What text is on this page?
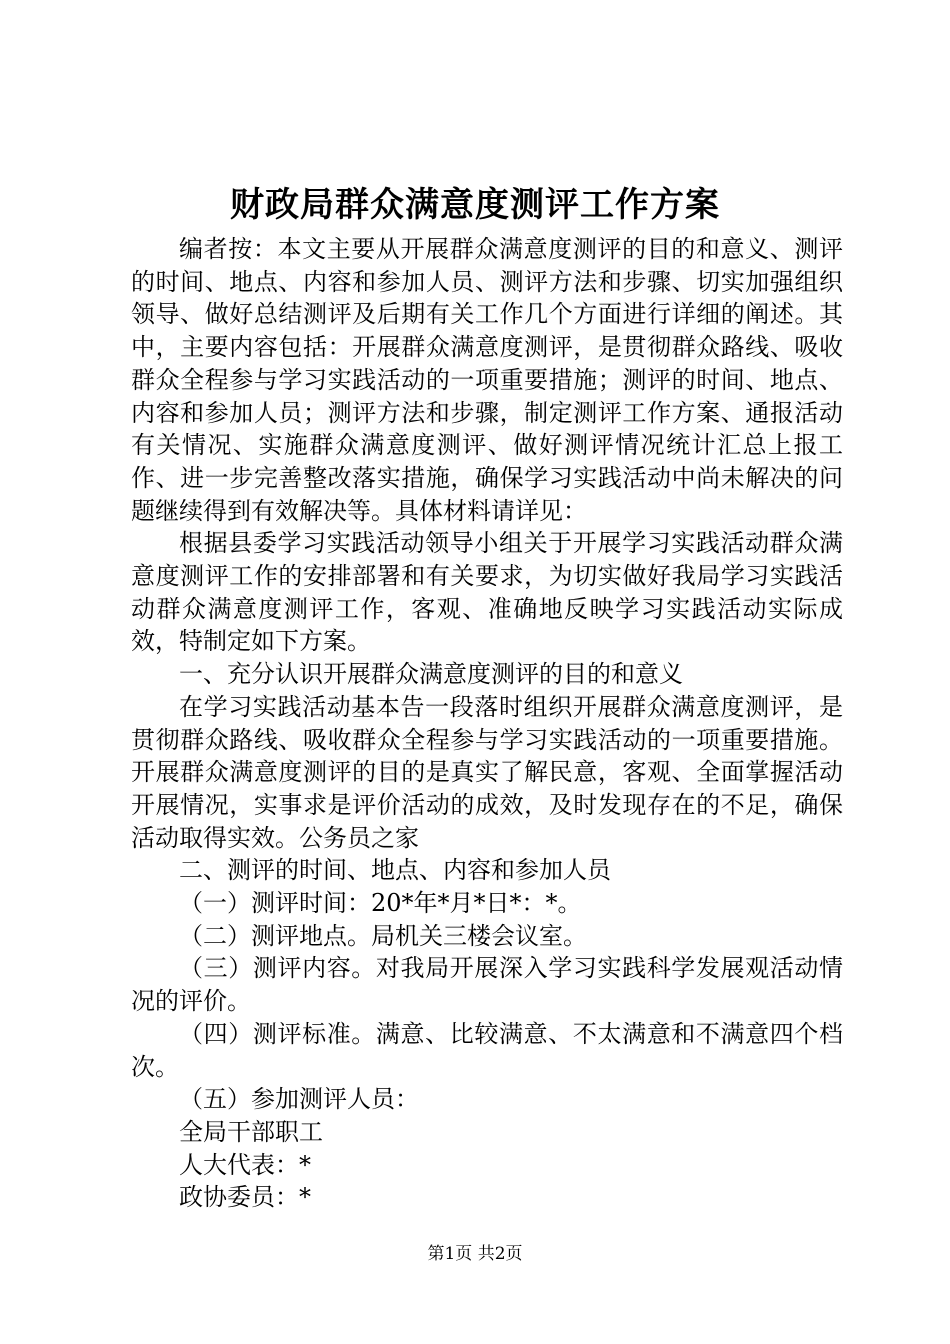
财政局群众满意度测评工作方案

编者按：本文主要从开展群众满意度测评的目的和意义、测评的时间、地点、内容和参加人员、测评方法和步骤、切实加强组织领导、做好总结测评及后期有关工作几个方面进行详细的阐述。其中，主要内容包括：开展群众满意度测评，是贯彻群众路线、吸收群众全程参与学习实践活动的一项重要措施；测评的时间、地点、内容和参加人员；测评方法和步骤，制定测评工作方案、通报活动有关情况、实施群众满意度测评、做好测评情况统计汇总上报工作、进一步完善整改落实措施，确保学习实践活动中尚未解决的问题继续得到有效解决等。具体材料请详见：

根据县委学习实践活动领导小组关于开展学习实践活动群众满意度测评工作的安排部署和有关要求，为切实做好我局学习实践活动群众满意度测评工作，客观、准确地反映学习实践活动实际成效，特制定如下方案。

一、充分认识开展群众满意度测评的目的和意义

在学习实践活动基本告一段落时组织开展群众满意度测评，是贯彻群众路线、吸收群众全程参与学习实践活动的一项重要措施。开展群众满意度测评的目的是真实了解民意，客观、全面掌握活动开展情况，实事求是评价活动的成效，及时发现存在的不足，确保活动取得实效。公务员之家

二、测评的时间、地点、内容和参加人员

（一）测评时间：20*年*月*日*：*。

（二）测评地点。局机关三楼会议室。

（三）测评内容。对我局开展深入学习实践科学发展观活动情况的评价。

（四）测评标准。满意、比较满意、不太满意和不满意四个档次。

（五）参加测评人员：

全局干部职工

人大代表：*

政协委员：*

第1页 共2页
